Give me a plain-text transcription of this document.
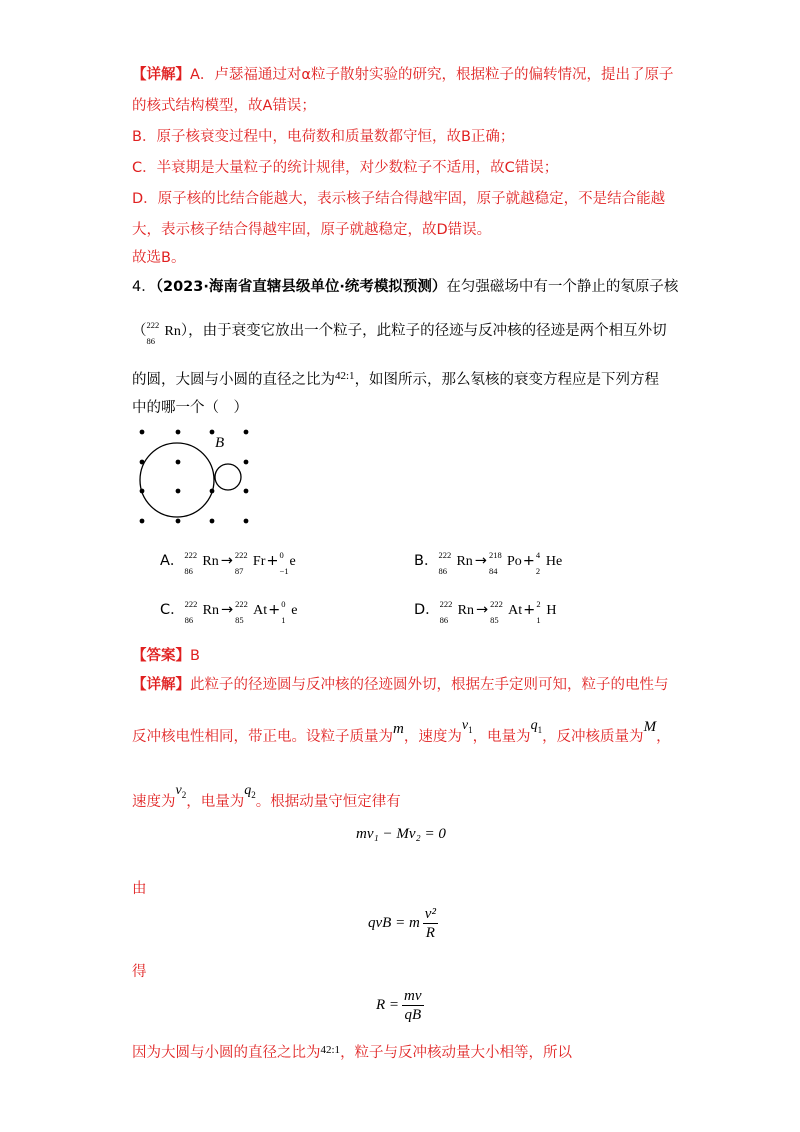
【详解】A．卢瑟福通过对α粒子散射实验的研究，根据粒子的偏转情况，提出了原子
的核式结构模型，故A错误；
B．原子核衰变过程中，电荷数和质量数都守恒，故B正确；
C．半衰期是大量粒子的统计规律，对少数粒子不适用，故C错误；
D．原子核的比结合能越大，表示核子结合得越牢固，原子就越稳定，不是结合能越
大，表示核子结合得越牢固，原子就越稳定，故D错误。
故选B。
4．（2023·海南省直辖县级单位·统考模拟预测）在匀强磁场中有一个静止的氡原子核
（ 222
86
Rn），由于衰变它放出一个粒子，此粒子的径迹与反冲核的径迹是两个相互外切
的圆，大圆与小圆的直径之比为$^{42:1}$，如图所示，那么氡核的衰变方程应是下列方程
中的哪一个（　）
B
A． 222
86
Rn → 222
87
Fr+ 0
−1
e	B． 222
86
Rn → 218
84
Po+ 4
2
He
C． 222
86
Rn → 222
85
At+ 0
1
e	D． 222
86
Rn → 222
85
At+ 2
1
H
【答案】B
【详解】此粒子的径迹圆与反冲核的径迹圆外切，根据左手定则可知，粒子的电性与
反冲核电性相同，带正电。设粒子质量为m，速度为$v_1$，电量为$q_1$，反冲核质量为M，
速度为$v_2$，电量为$q_2$。根据动量守恒定律有
mv₁ − Mv₂ = 0
由
qvB = m $\frac{\text{v²}}{R}$
得
$R = \frac{mv}{qB}$
因为大圆与小圆的直径之比为$^{42:1}$，粒子与反冲核动量大小相等，所以
